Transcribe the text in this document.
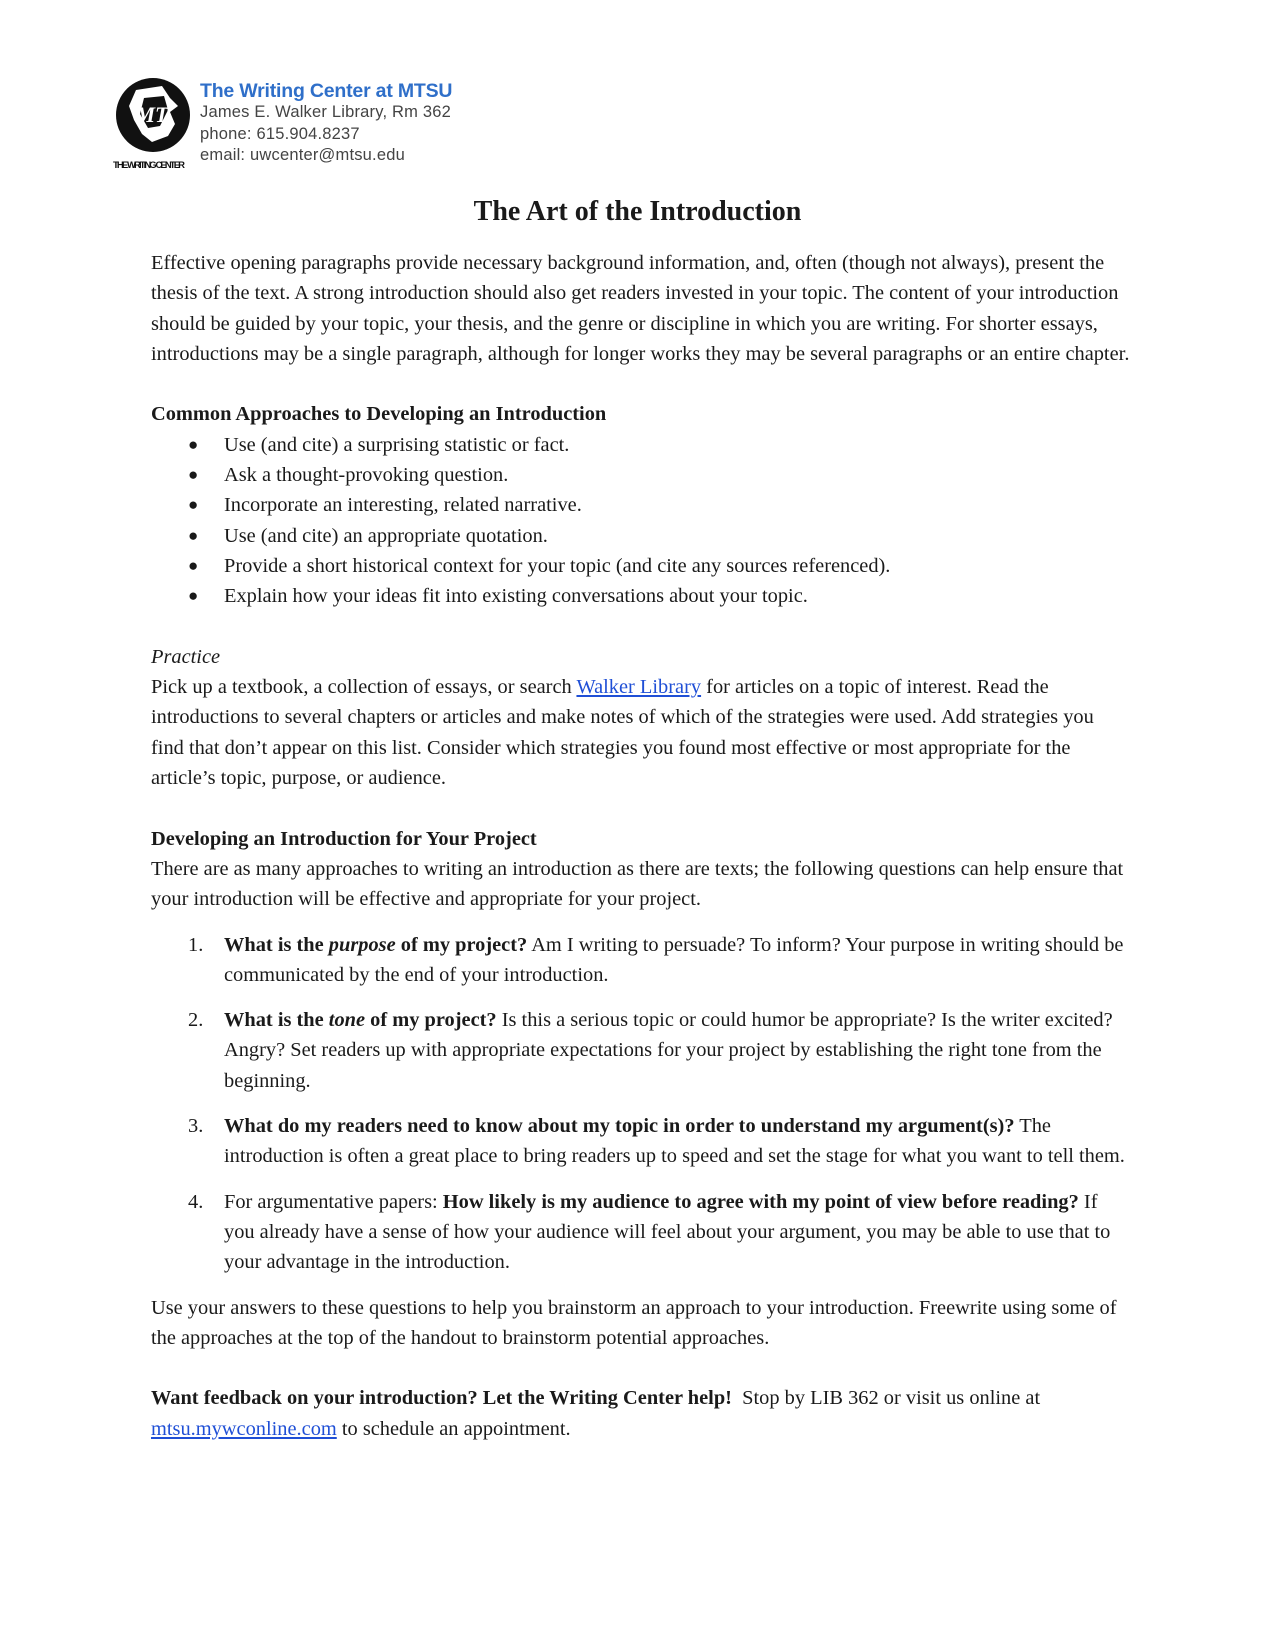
MT
THE WRITING CENTER
The Writing Center at MTSU
James E. Walker Library, Rm 362
phone: 615.904.8237
email: uwcenter@mtsu.edu
The Art of the Introduction

Effective opening paragraphs provide necessary background information, and, often (though not always), present the thesis of the text. A strong introduction should also get readers invested in your topic. The content of your introduction should be guided by your topic, your thesis, and the genre or discipline in which you are writing. For shorter essays, introductions may be a single paragraph, although for longer works they may be several paragraphs or an entire chapter.

Common Approaches to Developing an Introduction

● Use (and cite) a surprising statistic or fact.
● Ask a thought-provoking question.
● Incorporate an interesting, related narrative.
● Use (and cite) an appropriate quotation.
● Provide a short historical context for your topic (and cite any sources referenced).
● Explain how your ideas fit into existing conversations about your topic.

Practice

Pick up a textbook, a collection of essays, or search Walker Library for articles on a topic of interest. Read the introductions to several chapters or articles and make notes of which of the strategies were used. Add strategies you find that don’t appear on this list. Consider which strategies you found most effective or most appropriate for the article’s topic, purpose, or audience.

Developing an Introduction for Your Project

There are as many approaches to writing an introduction as there are texts; the following questions can help ensure that your introduction will be effective and appropriate for your project.

1. What is the purpose of my project? Am I writing to persuade? To inform? Your purpose in writing should be communicated by the end of your introduction.
2. What is the tone of my project? Is this a serious topic or could humor be appropriate? Is the writer excited? Angry? Set readers up with appropriate expectations for your project by establishing the right tone from the beginning.
3. What do my readers need to know about my topic in order to understand my argument(s)? The introduction is often a great place to bring readers up to speed and set the stage for what you want to tell them.
4. For argumentative papers: How likely is my audience to agree with my point of view before reading? If you already have a sense of how your audience will feel about your argument, you may be able to use that to your advantage in the introduction.

Use your answers to these questions to help you brainstorm an approach to your introduction. Freewrite using some of the approaches at the top of the handout to brainstorm potential approaches.

Want feedback on your introduction? Let the Writing Center help!  Stop by LIB 362 or visit us online at mtsu.mywconline.com to schedule an appointment.
